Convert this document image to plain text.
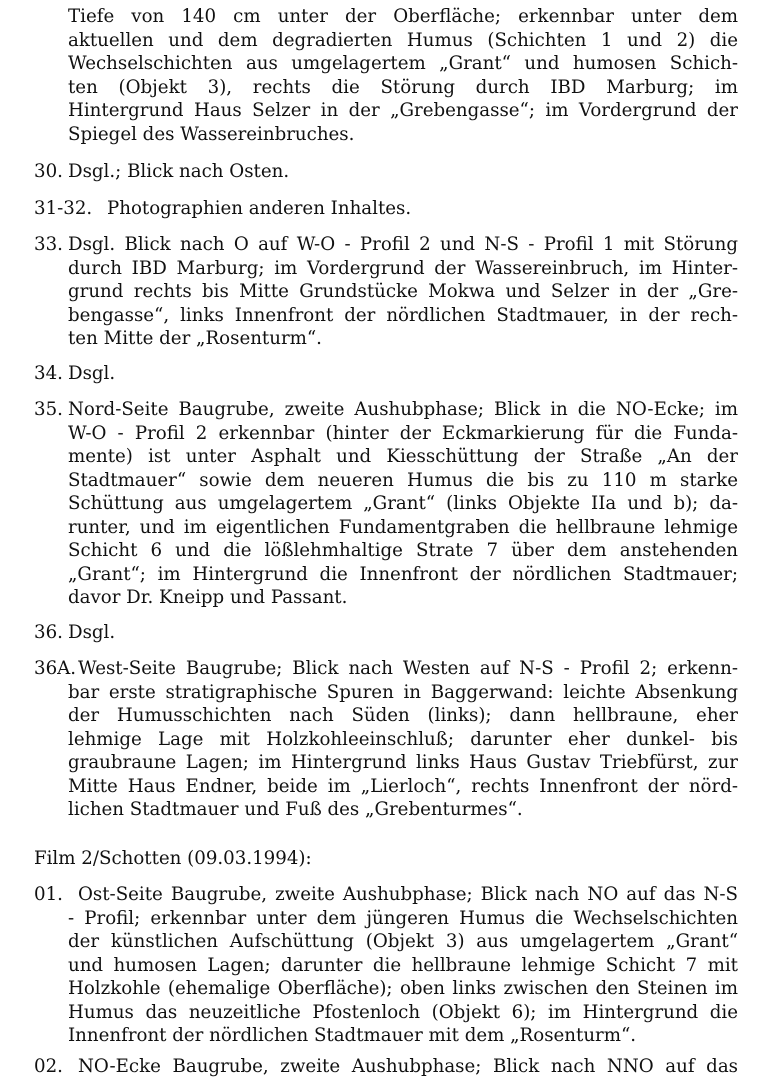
Tiefe von 140 cm unter der Oberfläche; erkennbar unter dem
aktuellen und dem degradierten Humus (Schichten 1 und 2) die
Wechselschichten aus umgelagertem „Grant“ und humosen Schich-
ten (Objekt 3), rechts die Störung durch IBD Marburg; im
Hintergrund Haus Selzer in der „Grebengasse“; im Vordergrund der
Spiegel des Wassereinbruches.
30. Dsgl.; Blick nach Osten.
31-32. Photographien anderen Inhaltes.
33. Dsgl. Blick nach O auf W-O - Profil 2 und N-S - Profil 1 mit Störung
durch IBD Marburg; im Vordergrund der Wassereinbruch, im Hinter-
grund rechts bis Mitte Grundstücke Mokwa und Selzer in der „Gre-
bengasse“, links Innenfront der nördlichen Stadtmauer, in der rech-
ten Mitte der „Rosenturm“.
34. Dsgl.
35. Nord-Seite Baugrube, zweite Aushubphase; Blick in die NO-Ecke; im
W-O - Profil 2 erkennbar (hinter der Eckmarkierung für die Funda-
mente) ist unter Asphalt und Kiesschüttung der Straße „An der
Stadtmauer“ sowie dem neueren Humus die bis zu 110 m starke
Schüttung aus umgelagertem „Grant“ (links Objekte IIa und b); da-
runter, und im eigentlichen Fundamentgraben die hellbraune lehmige
Schicht 6 und die lößlehmhaltige Strate 7 über dem anstehenden
„Grant“; im Hintergrund die Innenfront der nördlichen Stadtmauer;
davor Dr. Kneipp und Passant.
36. Dsgl.
36A. West-Seite Baugrube; Blick nach Westen auf N-S - Profil 2; erkenn-
bar erste stratigraphische Spuren in Baggerwand: leichte Absenkung
der Humusschichten nach Süden (links); dann hellbraune, eher
lehmige Lage mit Holzkohleeinschluß; darunter eher dunkel- bis
graubraune Lagen; im Hintergrund links Haus Gustav Triebfürst, zur
Mitte Haus Endner, beide im „Lierloch“, rechts Innenfront der nörd-
lichen Stadtmauer und Fuß des „Grebenturmes“.
Film 2/Schotten (09.03.1994):
01. Ost-Seite Baugrube, zweite Aushubphase; Blick nach NO auf das N-S
- Profil; erkennbar unter dem jüngeren Humus die Wechselschichten
der künstlichen Aufschüttung (Objekt 3) aus umgelagertem „Grant“
und humosen Lagen; darunter die hellbraune lehmige Schicht 7 mit
Holzkohle (ehemalige Oberfläche); oben links zwischen den Steinen im
Humus das neuzeitliche Pfostenloch (Objekt 6); im Hintergrund die
Innenfront der nördlichen Stadtmauer mit dem „Rosenturm“.
02. NO-Ecke Baugrube, zweite Aushubphase; Blick nach NNO auf das
